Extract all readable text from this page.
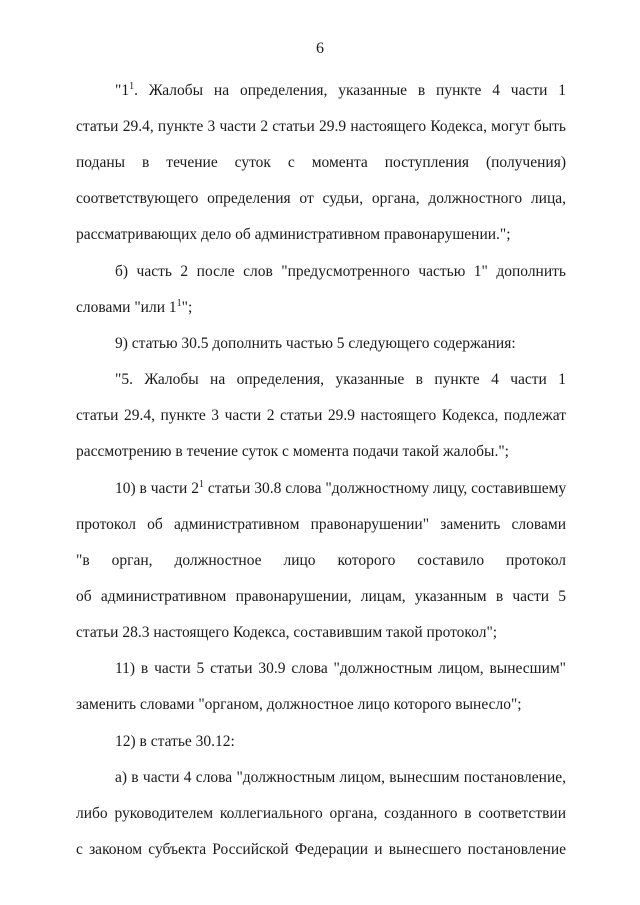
6
"$1^1$. Жалобы на определения, указанные в пункте 4 части 1
статьи 29.4, пункте 3 части 2 статьи 29.9 настоящего Кодекса, могут быть
поданы в течение суток с момента поступления (получения)
соответствующего определения от судьи, органа, должностного лица,
рассматривающих дело об административном правонарушении.";
б) часть 2 после слов "предусмотренного частью 1" дополнить
словами "или $1^1$";
9) статью 30.5 дополнить частью 5 следующего содержания:
"5. Жалобы на определения, указанные в пункте 4 части 1
статьи 29.4, пункте 3 части 2 статьи 29.9 настоящего Кодекса, подлежат
рассмотрению в течение суток с момента подачи такой жалобы.";
10) в части $2^1$ статьи 30.8 слова "должностному лицу, составившему
протокол об административном правонарушении" заменить словами
"в орган, должностное лицо которого составило протокол
об административном правонарушении, лицам, указанным в части 5
статьи 28.3 настоящего Кодекса, составившим такой протокол";
11) в части 5 статьи 30.9 слова "должностным лицом, вынесшим"
заменить словами "органом, должностное лицо которого вынесло";
12) в статье 30.12:
а) в части 4 слова "должностным лицом, вынесшим постановление,
либо руководителем коллегиального органа, созданного в соответствии
с законом субъекта Российской Федерации и вынесшего постановление
